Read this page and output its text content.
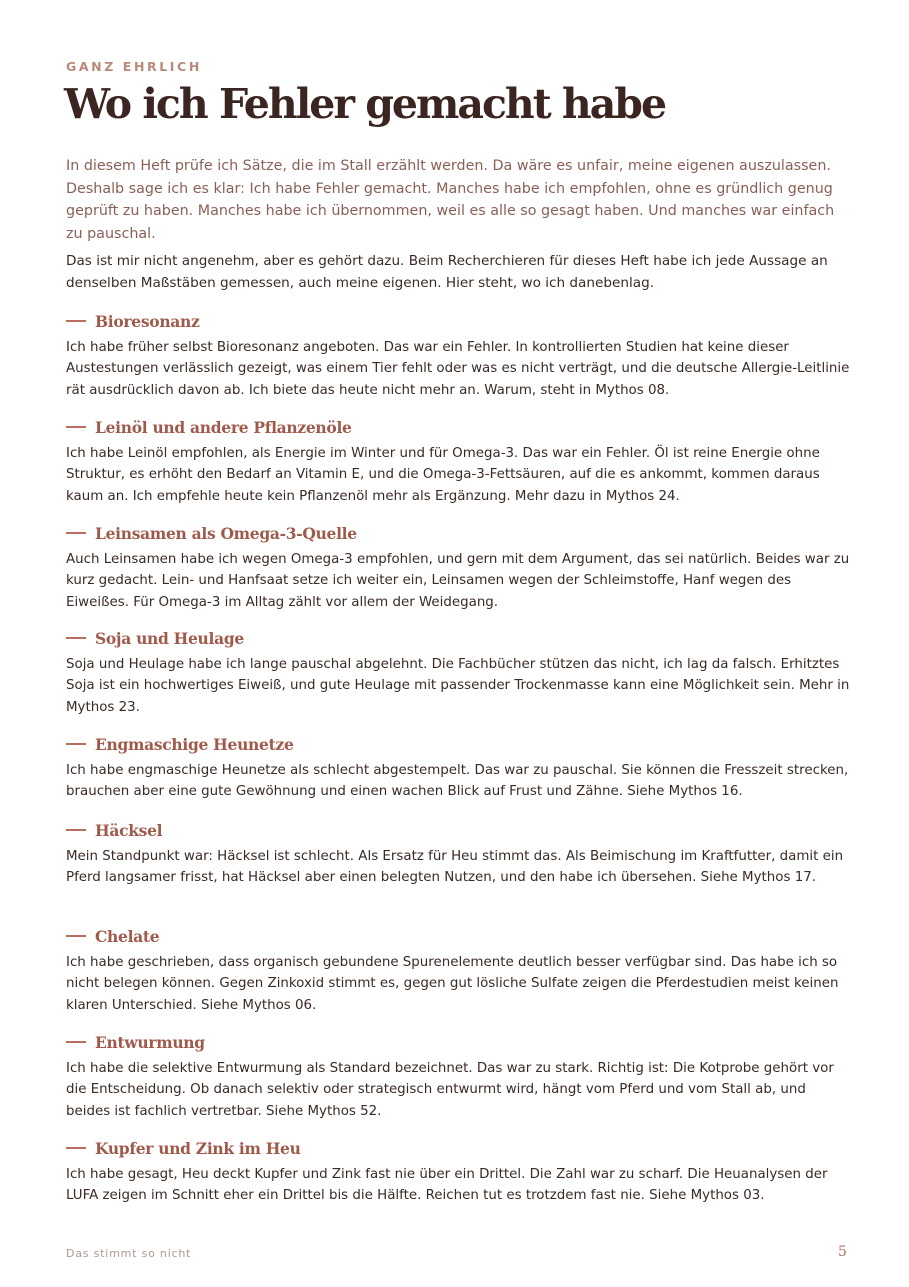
GANZ EHRLICH
Wo ich Fehler gemacht habe

In diesem Heft prüfe ich Sätze, die im Stall erzählt werden. Da wäre es unfair, meine eigenen auszulassen. Deshalb sage ich es klar: Ich habe Fehler gemacht. Manches habe ich empfohlen, ohne es gründlich genug geprüft zu haben. Manches habe ich übernommen, weil es alle so gesagt haben. Und manches war einfach zu pauschal.

Das ist mir nicht angenehm, aber es gehört dazu. Beim Recherchieren für dieses Heft habe ich jede Aussage an denselben Maßstäben gemessen, auch meine eigenen. Hier steht, wo ich danebenlag.

Bioresonanz

Ich habe früher selbst Bioresonanz angeboten. Das war ein Fehler. In kontrollierten Studien hat keine dieser Austestungen verlässlich gezeigt, was einem Tier fehlt oder was es nicht verträgt, und die deutsche Allergie-Leitlinie rät ausdrücklich davon ab. Ich biete das heute nicht mehr an. Warum, steht in Mythos 08.

Leinöl und andere Pflanzenöle

Ich habe Leinöl empfohlen, als Energie im Winter und für Omega-3. Das war ein Fehler. Öl ist reine Energie ohne Struktur, es erhöht den Bedarf an Vitamin E, und die Omega-3-Fettsäuren, auf die es ankommt, kommen daraus kaum an. Ich empfehle heute kein Pflanzenöl mehr als Ergänzung. Mehr dazu in Mythos 24.

Leinsamen als Omega-3-Quelle

Auch Leinsamen habe ich wegen Omega-3 empfohlen, und gern mit dem Argument, das sei natürlich. Beides war zu kurz gedacht. Lein- und Hanfsaat setze ich weiter ein, Leinsamen wegen der Schleimstoffe, Hanf wegen des Eiweißes. Für Omega-3 im Alltag zählt vor allem der Weidegang.

Soja und Heulage

Soja und Heulage habe ich lange pauschal abgelehnt. Die Fachbücher stützen das nicht, ich lag da falsch. Erhitztes Soja ist ein hochwertiges Eiweiß, und gute Heulage mit passender Trockenmasse kann eine Möglichkeit sein. Mehr in Mythos 23.

Engmaschige Heunetze

Ich habe engmaschige Heunetze als schlecht abgestempelt. Das war zu pauschal. Sie können die Fresszeit strecken, brauchen aber eine gute Gewöhnung und einen wachen Blick auf Frust und Zähne. Siehe Mythos 16.

Häcksel

Mein Standpunkt war: Häcksel ist schlecht. Als Ersatz für Heu stimmt das. Als Beimischung im Kraftfutter, damit ein Pferd langsamer frisst, hat Häcksel aber einen belegten Nutzen, und den habe ich übersehen. Siehe Mythos 17.

Chelate

Ich habe geschrieben, dass organisch gebundene Spurenelemente deutlich besser verfügbar sind. Das habe ich so nicht belegen können. Gegen Zinkoxid stimmt es, gegen gut lösliche Sulfate zeigen die Pferdestudien meist keinen klaren Unterschied. Siehe Mythos 06.

Entwurmung

Ich habe die selektive Entwurmung als Standard bezeichnet. Das war zu stark. Richtig ist: Die Kotprobe gehört vor die Entscheidung. Ob danach selektiv oder strategisch entwurmt wird, hängt vom Pferd und vom Stall ab, und beides ist fachlich vertretbar. Siehe Mythos 52.

Kupfer und Zink im Heu

Ich habe gesagt, Heu deckt Kupfer und Zink fast nie über ein Drittel. Die Zahl war zu scharf. Die Heuanalysen der LUFA zeigen im Schnitt eher ein Drittel bis die Hälfte. Reichen tut es trotzdem fast nie. Siehe Mythos 03.

Das stimmt so nicht	5
